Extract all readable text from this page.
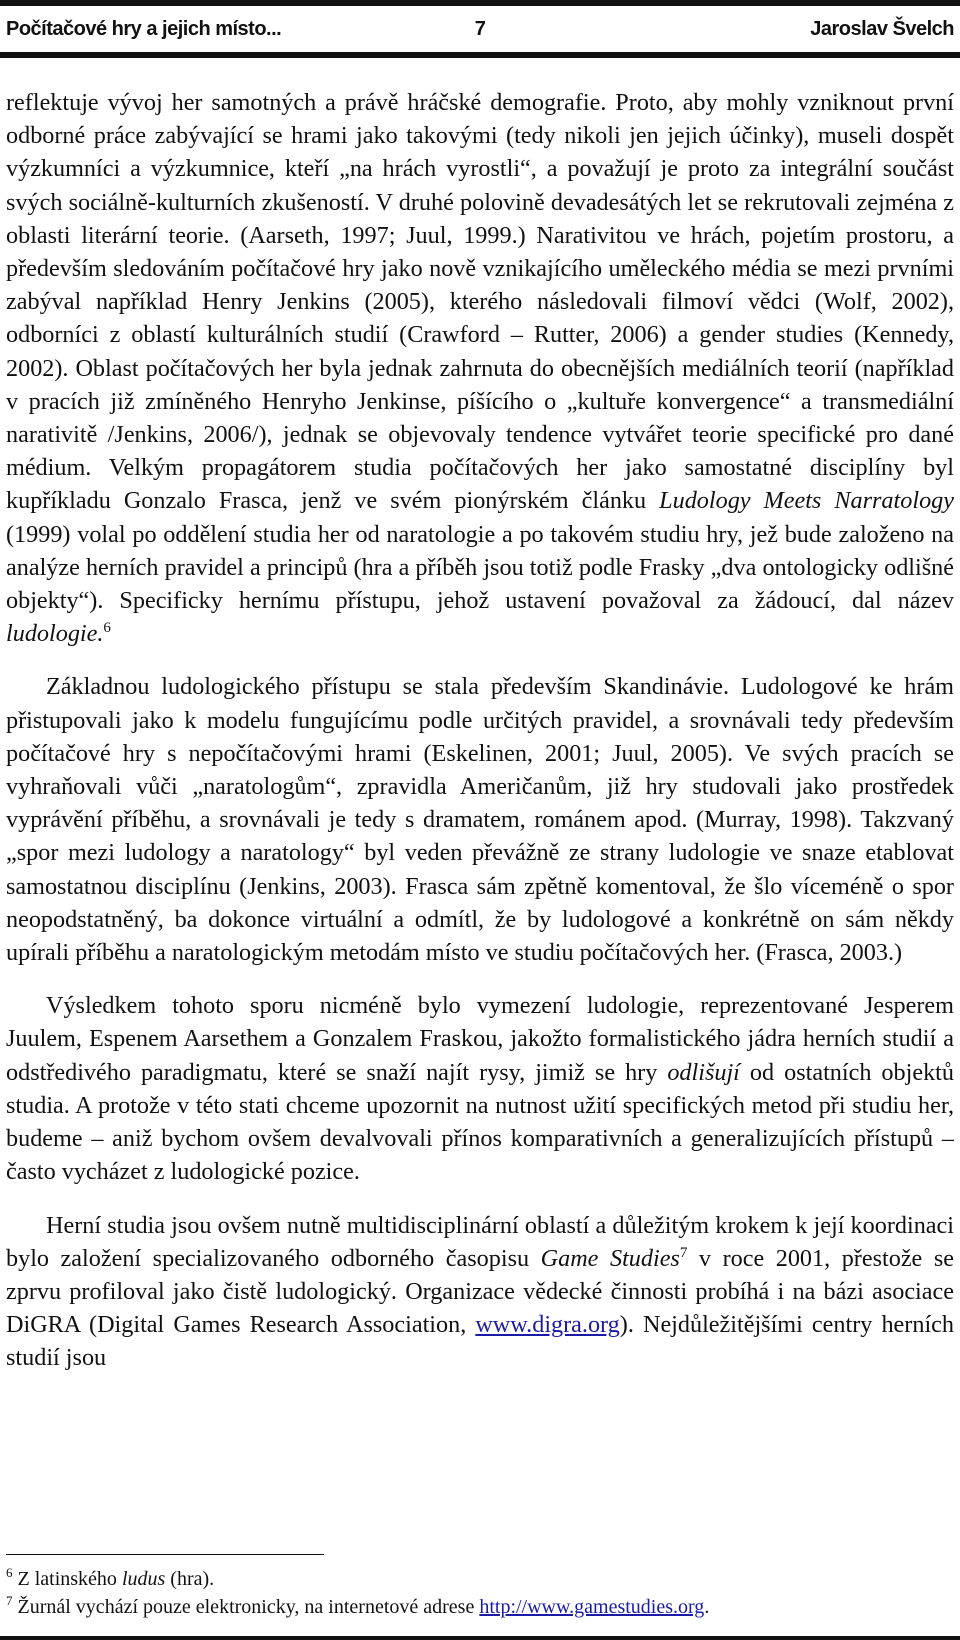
Počítačové hry a jejich místo...	7	Jaroslav Švelch

reflektuje vývoj her samotných a právě hráčské demografie. Proto, aby mohly vzniknout první odborné práce zabývající se hrami jako takovými (tedy nikoli jen jejich účinky), museli dospět výzkumníci a výzkumnice, kteří „na hrách vyrostli“, a považují je proto za integrální součást svých sociálně-kulturních zkušeností. V druhé polovině devadesátých let se rekrutovali zejména z oblasti literární teorie. (Aarseth, 1997; Juul, 1999.) Narativitou ve hrách, pojetím prostoru, a především sledováním počítačové hry jako nově vznikajícího uměleckého média se mezi prvními zabýval například Henry Jenkins (2005), kterého následovali filmoví vědci (Wolf, 2002), odborníci z oblastí kulturálních studií (Crawford – Rutter, 2006) a gender studies (Kennedy, 2002). Oblast počítačových her byla jednak zahrnuta do obecnějších mediálních teorií (například v pracích již zmíněného Henryho Jenkinse, píšícího o „kultuře konvergence“ a transmediální narativitě /Jenkins, 2006/), jednak se objevovaly tendence vytvářet teorie specifické pro dané médium. Velkým propagátorem studia počítačových her jako samostatné disciplíny byl kupříkladu Gonzalo Frasca, jenž ve svém pionýrském článku Ludology Meets Narratology (1999) volal po oddělení studia her od naratologie a po takovém studiu hry, jež bude založeno na analýze herních pravidel a principů (hra a příběh jsou totiž podle Frasky „dva ontologicky odlišné objekty“). Specificky hernímu přístupu, jehož ustavení považoval za žádoucí, dal název ludologie.$^6$

Základnou ludologického přístupu se stala především Skandinávie. Ludologové ke hrám přistupovali jako k modelu fungujícímu podle určitých pravidel, a srovnávali tedy především počítačové hry s nepočítačovými hrami (Eskelinen, 2001; Juul, 2005). Ve svých pracích se vyhraňovali vůči „naratologům“, zpravidla Američanům, již hry studovali jako prostředek vyprávění příběhu, a srovnávali je tedy s dramatem, románem apod. (Murray, 1998). Takzvaný „spor mezi ludology a naratology“ byl veden převážně ze strany ludologie ve snaze etablovat samostatnou disciplínu (Jenkins, 2003). Frasca sám zpětně komentoval, že šlo víceméně o spor neopodstatněný, ba dokonce virtuální a odmítl, že by ludologové a konkrétně on sám někdy upírali příběhu a naratologickým metodám místo ve studiu počítačových her. (Frasca, 2003.)

Výsledkem tohoto sporu nicméně bylo vymezení ludologie, reprezentované Jesperem Juulem, Espenem Aarsethem a Gonzalem Fraskou, jakožto formalistického jádra herních studií a odstředivého paradigmatu, které se snaží najít rysy, jimiž se hry odlišují od ostatních objektů studia. A protože v této stati chceme upozornit na nutnost užití specifických metod při studiu her, budeme – aniž bychom ovšem devalvovali přínos komparativních a generalizujících přístupů – často vycházet z ludologické pozice.

Herní studia jsou ovšem nutně multidisciplinární oblastí a důležitým krokem k její koordinaci bylo založení specializovaného odborného časopisu Game Studies$^7$ v roce 2001, přestože se zprvu profiloval jako čistě ludologický. Organizace vědecké činnosti probíhá i na bázi asociace DiGRA (Digital Games Research Association, www.digra.org). Nejdůležitějšími centry herních studií jsou

$^6$ Z latinského ludus (hra).
$^7$ Žurnál vychází pouze elektronicky, na internetové adrese http://www.gamestudies.org.
